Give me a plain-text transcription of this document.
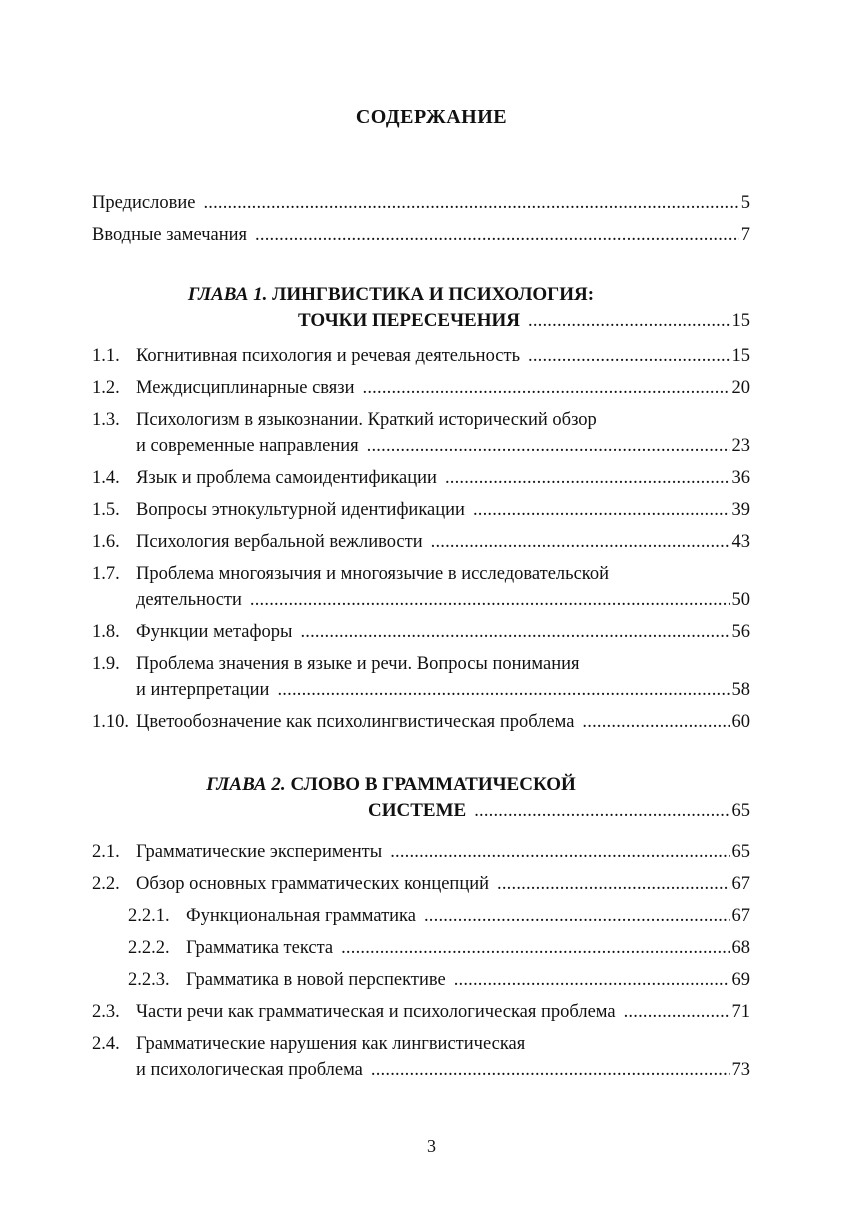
СОДЕРЖАНИЕ
Предисловие .....	5
Вводные замечания .....	7
ГЛАВА 1. ЛИНГВИСТИКА И ПСИХОЛОГИЯ:
ТОЧКИ ПЕРЕСЕЧЕНИЯ .....	15
1.1. Когнитивная психология и речевая деятельность .....	15
1.2. Междисциплинарные связи .....	20
1.3. Психологизм в языкознании. Краткий исторический обзор
и современные направления .....	23
1.4. Язык и проблема самоидентификации .....	36
1.5. Вопросы этнокультурной идентификации .....	39
1.6. Психология вербальной вежливости .....	43
1.7. Проблема многоязычия и многоязычие в исследовательской
деятельности .....	50
1.8. Функции метафоры .....	56
1.9. Проблема значения в языке и речи. Вопросы понимания
и интерпретации .....	58
1.10. Цветообозначение как психолингвистическая проблема .....	60
ГЛАВА 2. СЛОВО В ГРАММАТИЧЕСКОЙ
СИСТЕМЕ .....	65
2.1. Грамматические эксперименты .....	65
2.2. Обзор основных грамматических концепций .....	67
2.2.1. Функциональная грамматика .....	67
2.2.2. Грамматика текста .....	68
2.2.3. Грамматика в новой перспективе .....	69
2.3. Части речи как грамматическая и психологическая проблема .....	71
2.4. Грамматические нарушения как лингвистическая
и психологическая проблема .....	73
3
